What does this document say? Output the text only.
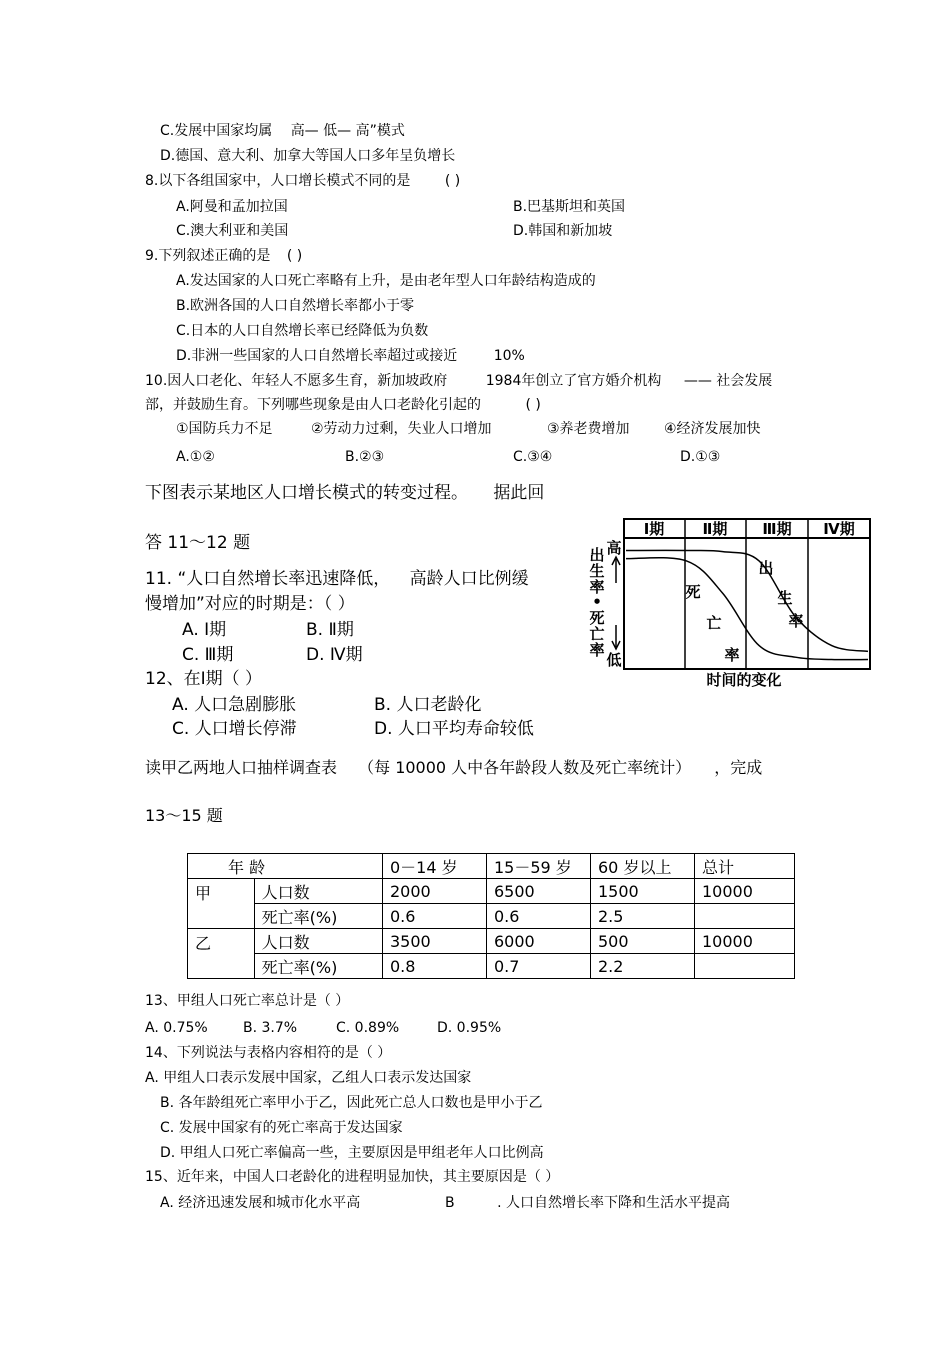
C.发展中国家均属 高— 低— 高”模式
D.德国、意大利、加拿大等国人口多年呈负增长
8.以下各组国家中，人口增长模式不同的是 ( )
A.阿曼和孟加拉国	B.巴基斯坦和英国
C.澳大利亚和美国	D.韩国和新加坡
9.下列叙述正确的是 ( )
A.发达国家的人口死亡率略有上升，是由老年型人口年龄结构造成的
B.欧洲各国的人口自然增长率都小于零
C.日本的人口自然增长率已经降低为负数
D.非洲一些国家的人口自然增长率超过或接近	10%
10.因人口老化、年轻人不愿多生育，新加坡政府	1984年创立了官方婚介机构 —— 社会发展
部，并鼓励生育。下列哪些现象是由人口老龄化引起的	( )
①国防兵力不足	②劳动力过剩，失业人口增加	③养老费增加 ④经济发展加快
A.①②	B.②③	C.③④	D.①③
下图表示某地区人口增长模式的转变过程。 据此回
答 11～12 题
11. “人口自然增长率迅速降低， 高龄人口比例缓
慢增加”对应的时期是：（ ）
A. Ⅰ期	B. Ⅱ期
C. Ⅲ期	D. Ⅳ期
12、在Ⅰ期（ ）
A. 人口急剧膨胀	B. 人口老龄化
C. 人口增长停滞	D. 人口平均寿命较低
Ⅰ期	Ⅱ期 Ⅲ期 Ⅳ期
高
低
出
生
率
•
死
亡
率
出
生
率
死
亡
率
时间的变化
读甲乙两地人口抽样调查表 （每 10000 人中各年龄段人数及死亡率统计） ，完成
13～15 题
年 龄		0－14 岁	15－59 岁	60 岁以上	总计
甲	人口数	2000	6500	1500	10000
	死亡率(%)	0.6	0.6	2.5	
乙	人口数	3500	6000	500	10000
	死亡率(%)	0.8	0.7	2.2	
13、甲组人口死亡率总计是（ ）
A. 0.75%	B. 3.7%	C. 0.89%	D. 0.95%
14、下列说法与表格内容相符的是（ ）
A. 甲组人口表示发展中国家，乙组人口表示发达国家
B. 各年龄组死亡率甲小于乙，因此死亡总人口数也是甲小于乙
C. 发展中国家有的死亡率高于发达国家
D. 甲组人口死亡率偏高一些，主要原因是甲组老年人口比例高
15、近年来，中国人口老龄化的进程明显加快，其主要原因是（ ）
A. 经济迅速发展和城市化水平高	B	. 人口自然增长率下降和生活水平提高
